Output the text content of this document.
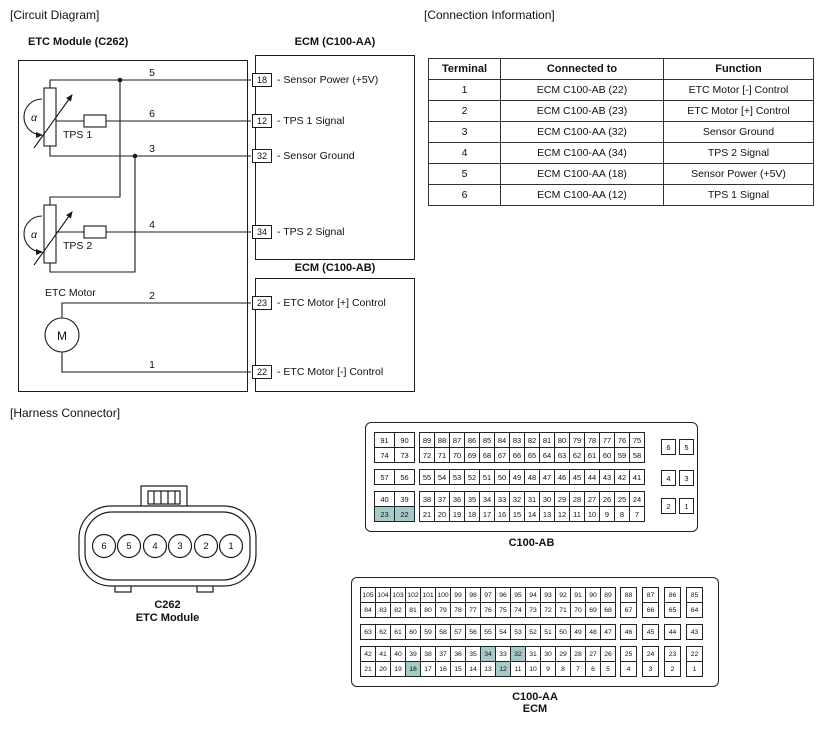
[Circuit Diagram]	[Connection Information]
[Harness Connector]
ETC Module (C262)	ECM (C100-AA)
ECM (C100-AB)
α
α
M
5
6
3
4
2
1
TPS 1
TPS 2
ETC Motor
18 - Sensor Power (+5V)
12 - TPS 1 Signal
32 - Sensor Ground
34 - TPS 2 Signal
23 - ETC Motor [+] Control
22 - ETC Motor [-] Control
Terminal	Connected to	Function
1	ECM C100-AB (22)	ETC Motor [-] Control
2	ECM C100-AB (23)	ETC Motor [+] Control
3	ECM C100-AA (32)	Sensor Ground
4	ECM C100-AA (34)	TPS 2 Signal
5	ECM C100-AA (18)	Sensor Power (+5V)
6	ECM C100-AA (12)	TPS 1 Signal
6 5 4 3 2 1
C262
ETC Module
91	90	89 88 87 86 85 84 83 82 81 80 79 78 77 76 75
74	73	72 71 70 69 68 67 66 65 64 63 62 61 60 59 58
57	56	55 54 53 52 51 50 49 48 47 46 45 44 43 42 41
40	39	38 37 36 35 34 33 32 31 30 29 28 27 26 25 24
23	22	21 20 19 18 17 16 15 14 13 12 11 10	9	8	7
6	5
4	3
2	1
C100-AB
105 104 103 102 101 100 99	98	97	96	95	94	93	92	91	90	89	88	87	86	85
84	83	82	81	80	79	78	77	76	75	74	73	72	71	70	69	68	67	66	65	64
63	62	61	60	59	58	57	56	55	54	53	52	51	50	49	48	47	46	45	44	43
42	41	40	39	38	37	36	35	34	33	32	31	30	29	28	27	26	25	24	23	22
21	20	19	18	17	16	15	14	13	12	11	10	9	8	7	6	5	4	3	2	1
C100-AA
ECM
